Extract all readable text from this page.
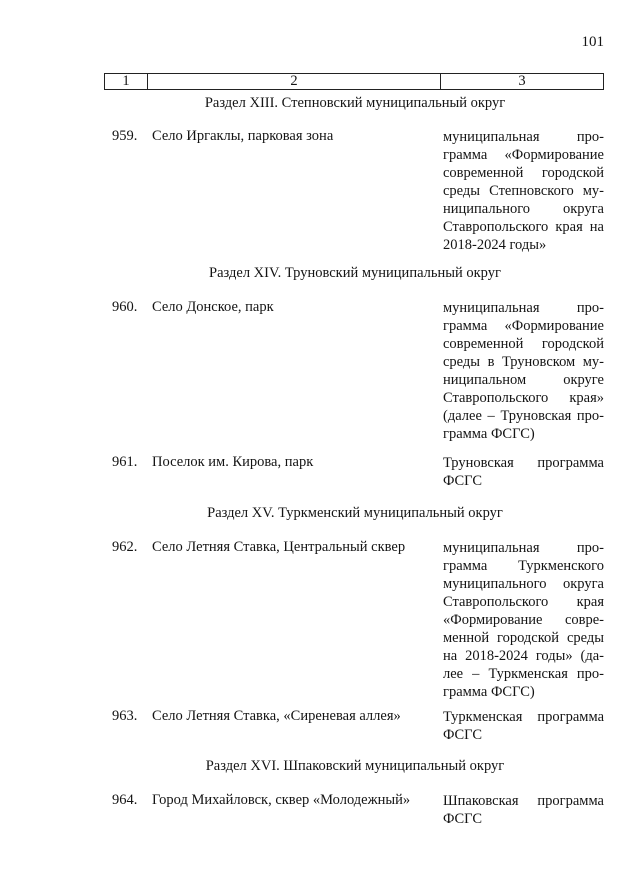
101
1	2	3
Раздел XIII. Степновский муниципальный округ
959.	Село Иргаклы, парковая зона	муниципальная про-
грамма «Формирование
современной городской
среды Степновского му-
ниципального округа
Ставропольского края на
2018-2024 годы»
Раздел XIV. Труновский муниципальный округ
960.	Село Донское, парк	муниципальная про-
грамма «Формирование
современной городской
среды в Труновском му-
ниципальном округе
Ставропольского края»
(далее – Труновская про-
грамма ФСГС)
961.	Поселок им. Кирова, парк	Труновская программа
ФСГС
Раздел XV. Туркменский муниципальный округ
962.	Село Летняя Ставка, Центральный сквер	муниципальная про-
грамма Туркменского
муниципального округа
Ставропольского края
«Формирование совре-
менной городской среды
на 2018-2024 годы» (да-
лее – Туркменская про-
грамма ФСГС)
963.	Село Летняя Ставка, «Сиреневая аллея»	Туркменская программа
ФСГС
Раздел XVI. Шпаковский муниципальный округ
964.	Город Михайловск, сквер «Молодежный»	Шпаковская программа
ФСГС
